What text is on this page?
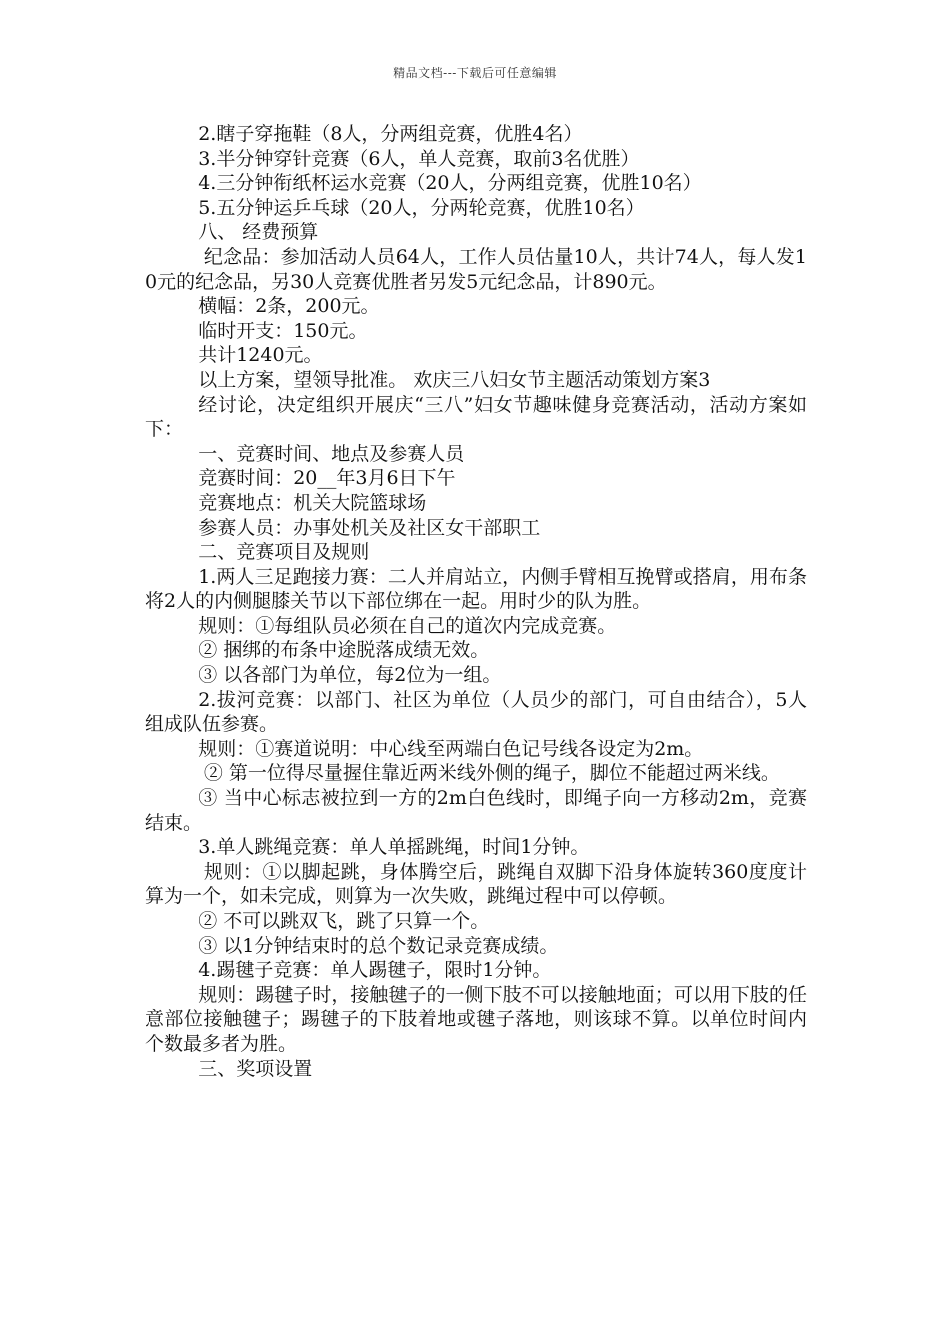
精品文档---下载后可任意编辑

2.瞎子穿拖鞋（8人，分两组竞赛，优胜4名）

3.半分钟穿针竞赛（6人，单人竞赛，取前3名优胜）

4.三分钟衔纸杯运水竞赛（20人，分两组竞赛，优胜10名）

5.五分钟运乒乓球（20人，分两轮竞赛，优胜10名）

八、 经费预算

纪念品：参加活动人员64人，工作人员估量10人，共计74人，每人发10元的纪念品，另30人竞赛优胜者另发5元纪念品，计890元。

横幅：2条，200元。

临时开支：150元。

共计1240元。

以上方案，望领导批准。 欢庆三八妇女节主题活动策划方案3

经讨论，决定组织开展庆“三八”妇女节趣味健身竞赛活动，活动方案如下：

一、竞赛时间、地点及参赛人员

竞赛时间：20__年3月6日下午

竞赛地点：机关大院篮球场

参赛人员：办事处机关及社区女干部职工

二、竞赛项目及规则

1.两人三足跑接力赛：二人并肩站立，内侧手臂相互挽臂或搭肩，用布条将2人的内侧腿膝关节以下部位绑在一起。用时少的队为胜。

规则：①每组队员必须在自己的道次内完成竞赛。

② 捆绑的布条中途脱落成绩无效。

③ 以各部门为单位，每2位为一组。

2.拔河竞赛：以部门、社区为单位（人员少的部门，可自由结合），5人组成队伍参赛。

规则：①赛道说明：中心线至两端白色记号线各设定为2m。

② 第一位得尽量握住靠近两米线外侧的绳子，脚位不能超过两米线。

③ 当中心标志被拉到一方的2m白色线时，即绳子向一方移动2m，竞赛结束。

3.单人跳绳竞赛：单人单摇跳绳，时间1分钟。

规则：①以脚起跳，身体腾空后，跳绳自双脚下沿身体旋转360度度计算为一个，如未完成，则算为一次失败，跳绳过程中可以停顿。

② 不可以跳双飞，跳了只算一个。

③ 以1分钟结束时的总个数记录竞赛成绩。

4.踢毽子竞赛：单人踢毽子，限时1分钟。

规则：踢毽子时，接触毽子的一侧下肢不可以接触地面；可以用下肢的任意部位接触毽子；踢毽子的下肢着地或毽子落地，则该球不算。以单位时间内个数最多者为胜。

三、奖项设置
